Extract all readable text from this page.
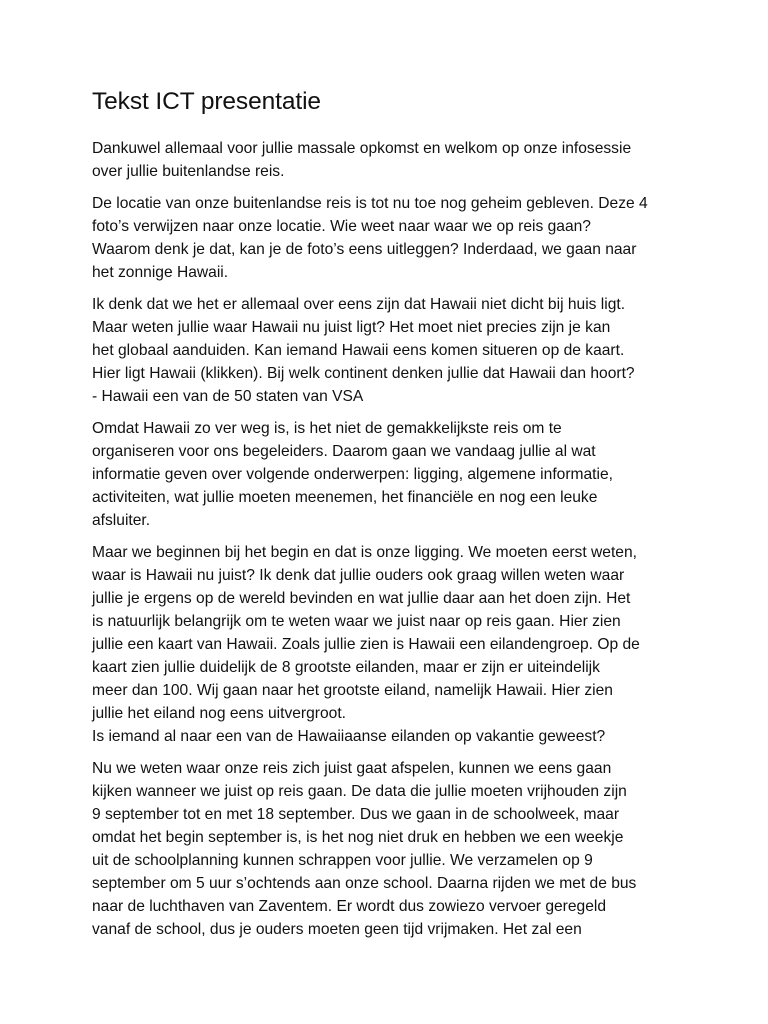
Tekst ICT presentatie

Dankuwel allemaal voor jullie massale opkomst en welkom op onze infosessie
over jullie buitenlandse reis.

De locatie van onze buitenlandse reis is tot nu toe nog geheim gebleven. Deze 4
foto’s verwijzen naar onze locatie. Wie weet naar waar we op reis gaan?
Waarom denk je dat, kan je de foto’s eens uitleggen? Inderdaad, we gaan naar
het zonnige Hawaii.

Ik denk dat we het er allemaal over eens zijn dat Hawaii niet dicht bij huis ligt.
Maar weten jullie waar Hawaii nu juist ligt? Het moet niet precies zijn je kan
het globaal aanduiden. Kan iemand Hawaii eens komen situeren op de kaart.
Hier ligt Hawaii (klikken). Bij welk continent denken jullie dat Hawaii dan hoort?
- Hawaii een van de 50 staten van VSA

Omdat Hawaii zo ver weg is, is het niet de gemakkelijkste reis om te
organiseren voor ons begeleiders. Daarom gaan we vandaag jullie al wat
informatie geven over volgende onderwerpen: ligging, algemene informatie,
activiteiten, wat jullie moeten meenemen, het financiële en nog een leuke
afsluiter.

Maar we beginnen bij het begin en dat is onze ligging. We moeten eerst weten,
waar is Hawaii nu juist? Ik denk dat jullie ouders ook graag willen weten waar
jullie je ergens op de wereld bevinden en wat jullie daar aan het doen zijn. Het
is natuurlijk belangrijk om te weten waar we juist naar op reis gaan. Hier zien
jullie een kaart van Hawaii. Zoals jullie zien is Hawaii een eilandengroep. Op de
kaart zien jullie duidelijk de 8 grootste eilanden, maar er zijn er uiteindelijk
meer dan 100. Wij gaan naar het grootste eiland, namelijk Hawaii. Hier zien
jullie het eiland nog eens uitvergroot.
Is iemand al naar een van de Hawaiiaanse eilanden op vakantie geweest?

Nu we weten waar onze reis zich juist gaat afspelen, kunnen we eens gaan
kijken wanneer we juist op reis gaan. De data die jullie moeten vrijhouden zijn
9 september tot en met 18 september. Dus we gaan in de schoolweek, maar
omdat het begin september is, is het nog niet druk en hebben we een weekje
uit de schoolplanning kunnen schrappen voor jullie. We verzamelen op 9
september om 5 uur s’ochtends aan onze school. Daarna rijden we met de bus
naar de luchthaven van Zaventem. Er wordt dus zowiezo vervoer geregeld
vanaf de school, dus je ouders moeten geen tijd vrijmaken. Het zal een
